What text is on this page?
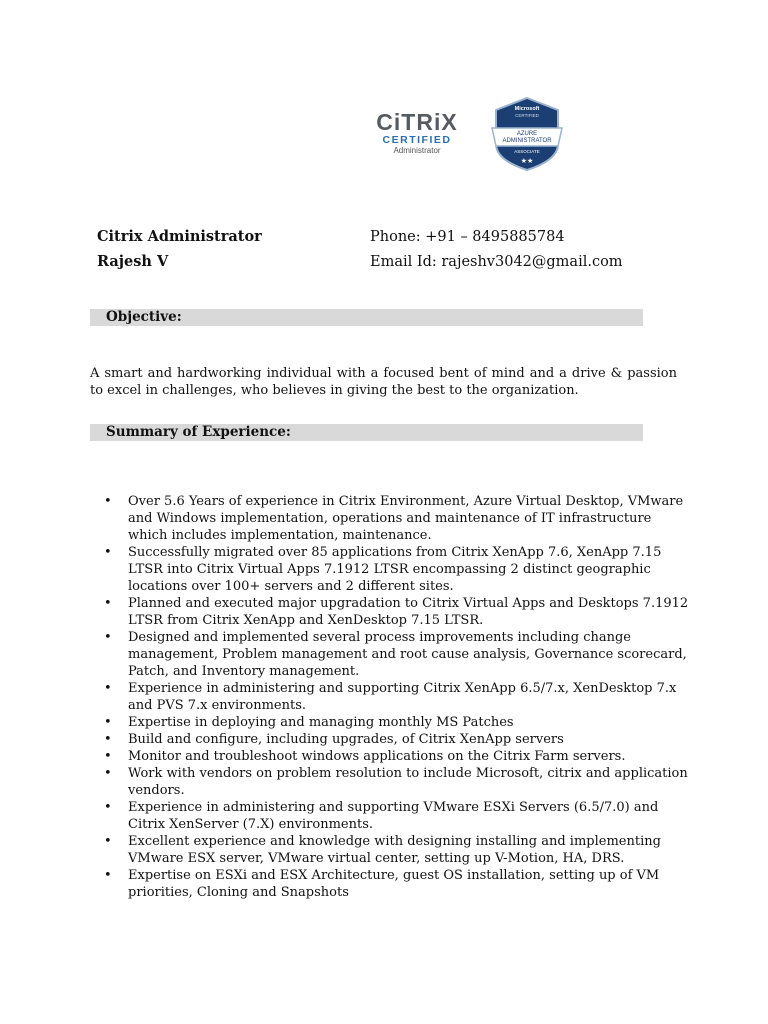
CiTRiX
CERTIFIED
Administrator
Microsoft
CERTIFIED
AZURE
ADMINISTRATOR
ASSOCIATE
★★
Citrix Administrator
Rajesh V
Phone: +91 – 8495885784
Email Id: rajeshv3042@gmail.com
Objective:
A smart and hardworking individual with a focused bent of mind and a drive & passion to excel in challenges, who believes in giving the best to the organization.
Summary of Experience:
• Over 5.6 Years of experience in Citrix Environment, Azure Virtual Desktop, VMware and Windows implementation, operations and maintenance of IT infrastructure which includes implementation, maintenance.
• Successfully migrated over 85 applications from Citrix XenApp 7.6, XenApp 7.15 LTSR into Citrix Virtual Apps 7.1912 LTSR encompassing 2 distinct geographic locations over 100+ servers and 2 different sites.
• Planned and executed major upgradation to Citrix Virtual Apps and Desktops 7.1912 LTSR from Citrix XenApp and XenDesktop 7.15 LTSR.
• Designed and implemented several process improvements including change management, Problem management and root cause analysis, Governance scorecard, Patch, and Inventory management.
• Experience in administering and supporting Citrix XenApp 6.5/7.x, XenDesktop 7.x and PVS 7.x environments.
• Expertise in deploying and managing monthly MS Patches
• Build and configure, including upgrades, of Citrix XenApp servers
• Monitor and troubleshoot windows applications on the Citrix Farm servers.
• Work with vendors on problem resolution to include Microsoft, citrix and application vendors.
• Experience in administering and supporting VMware ESXi Servers (6.5/7.0) and Citrix XenServer (7.X) environments.
• Excellent experience and knowledge with designing installing and implementing VMware ESX server, VMware virtual center, setting up V-Motion, HA, DRS.
• Expertise on ESXi and ESX Architecture, guest OS installation, setting up of VM priorities, Cloning and Snapshots
